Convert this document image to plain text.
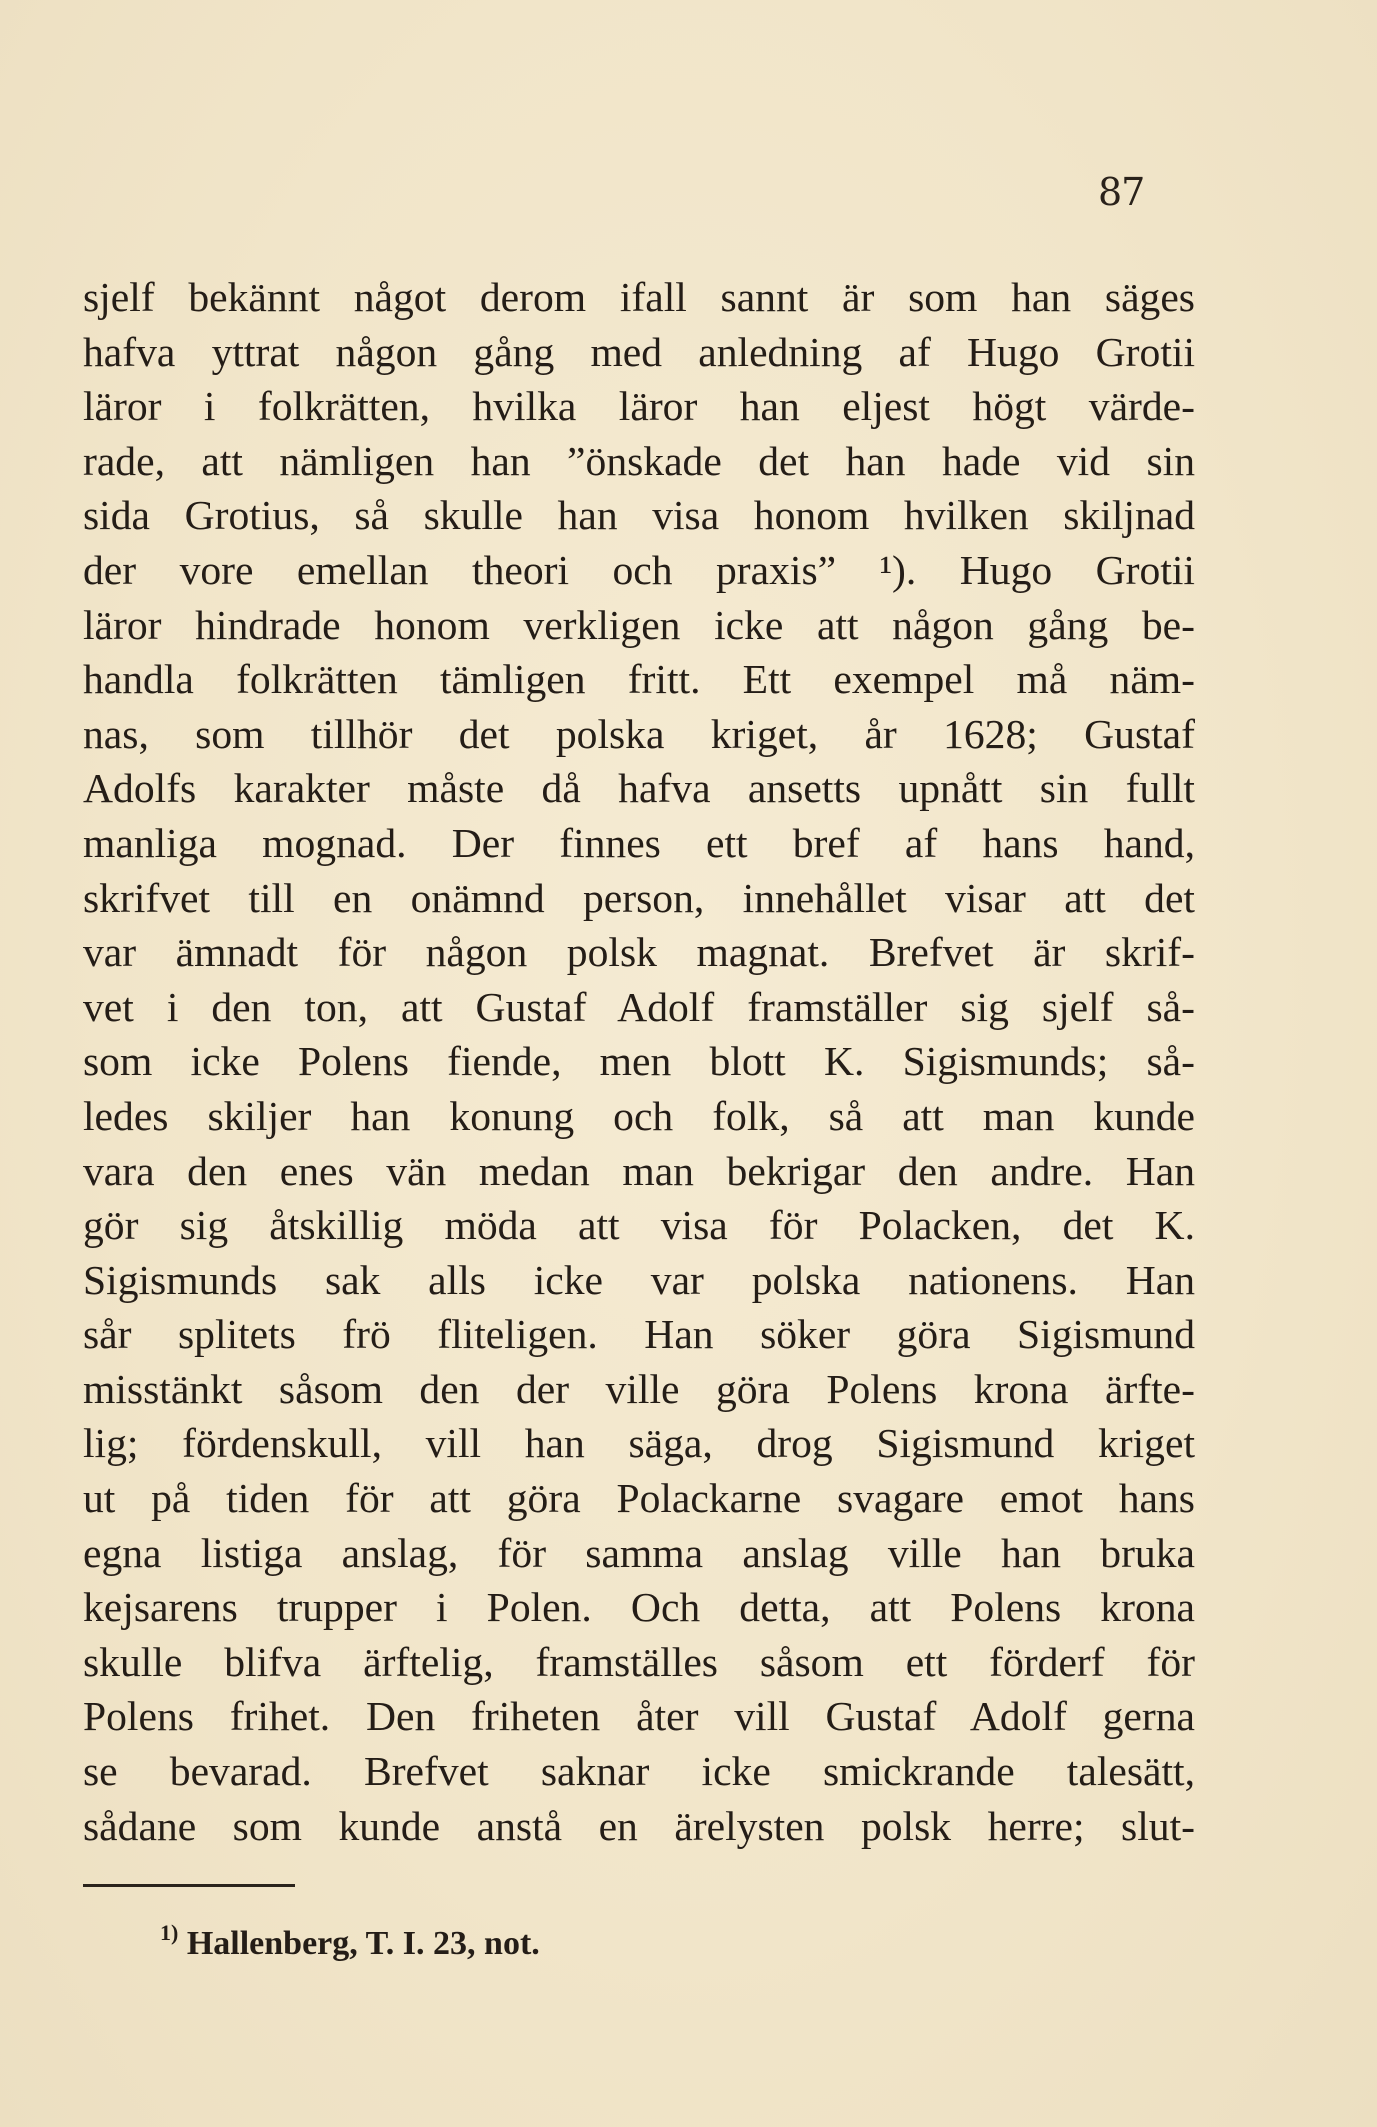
87
sjelf bekännt något derom ifall sannt är som han säges
hafva yttrat någon gång med anledning af Hugo Grotii
läror i folkrätten, hvilka läror han eljest högt värde-
rade, att nämligen han ”önskade det han hade vid sin
sida Grotius, så skulle han visa honom hvilken skiljnad
der vore emellan theori och praxis” ¹). Hugo Grotii
läror hindrade honom verkligen icke att någon gång be-
handla folkrätten tämligen fritt. Ett exempel må näm-
nas, som tillhör det polska kriget, år 1628; Gustaf
Adolfs karakter måste då hafva ansetts upnått sin fullt
manliga mognad. Der finnes ett bref af hans hand,
skrifvet till en onämnd person, innehållet visar att det
var ämnadt för någon polsk magnat. Brefvet är skrif-
vet i den ton, att Gustaf Adolf framställer sig sjelf så-
som icke Polens fiende, men blott K. Sigismunds; så-
ledes skiljer han konung och folk, så att man kunde
vara den enes vän medan man bekrigar den andre. Han
gör sig åtskillig möda att visa för Polacken, det K.
Sigismunds sak alls icke var polska nationens. Han
sår splitets frö fliteligen. Han söker göra Sigismund
misstänkt såsom den der ville göra Polens krona ärfte-
lig; fördenskull, vill han säga, drog Sigismund kriget
ut på tiden för att göra Polackarne svagare emot hans
egna listiga anslag, för samma anslag ville han bruka
kejsarens trupper i Polen. Och detta, att Polens krona
skulle blifva ärftelig, framställes såsom ett förderf för
Polens frihet. Den friheten åter vill Gustaf Adolf gerna
se bevarad. Brefvet saknar icke smickrande talesätt,
sådane som kunde anstå en ärelysten polsk herre; slut-
$^{1)}$ Hallenberg, T. I. 23, not.
